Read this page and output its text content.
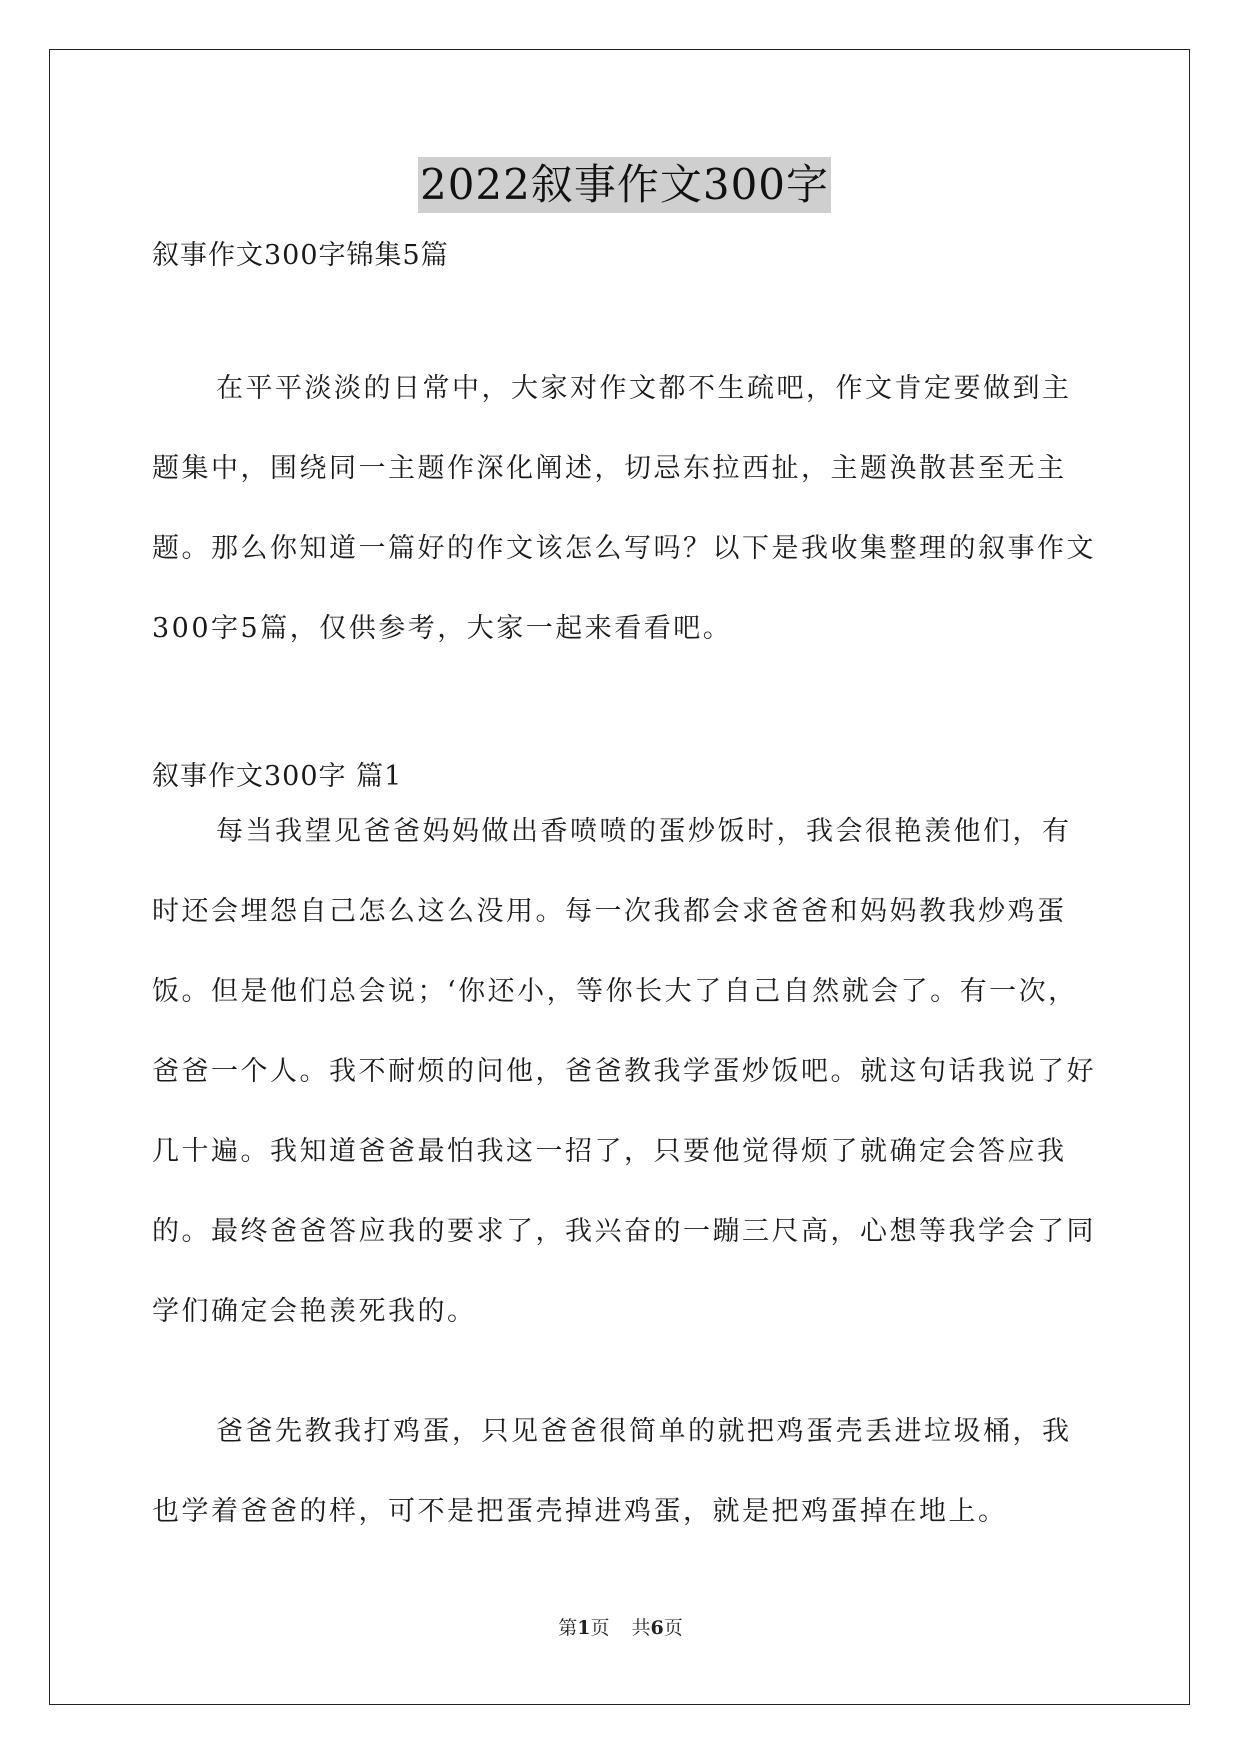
2022叙事作文300字
叙事作文300字锦集5篇

在平平淡淡的日常中，大家对作文都不生疏吧，作文肯定要做到主题集中，围绕同一主题作深化阐述，切忌东拉西扯，主题涣散甚至无主题。那么你知道一篇好的作文该怎么写吗？以下是我收集整理的叙事作文300字5篇，仅供参考，大家一起来看看吧。

叙事作文300字 篇1

每当我望见爸爸妈妈做出香喷喷的蛋炒饭时，我会很艳羡他们，有时还会埋怨自己怎么这么没用。每一次我都会求爸爸和妈妈教我炒鸡蛋饭。但是他们总会说；‘你还小，等你长大了自己自然就会了。有一次，爸爸一个人。我不耐烦的问他，爸爸教我学蛋炒饭吧。就这句话我说了好几十遍。我知道爸爸最怕我这一招了，只要他觉得烦了就确定会答应我的。最终爸爸答应我的要求了，我兴奋的一蹦三尺高，心想等我学会了同学们确定会艳羡死我的。

爸爸先教我打鸡蛋，只见爸爸很简单的就把鸡蛋壳丢进垃圾桶，我也学着爸爸的样，可不是把蛋壳掉进鸡蛋，就是把鸡蛋掉在地上。

第1页 共6页
